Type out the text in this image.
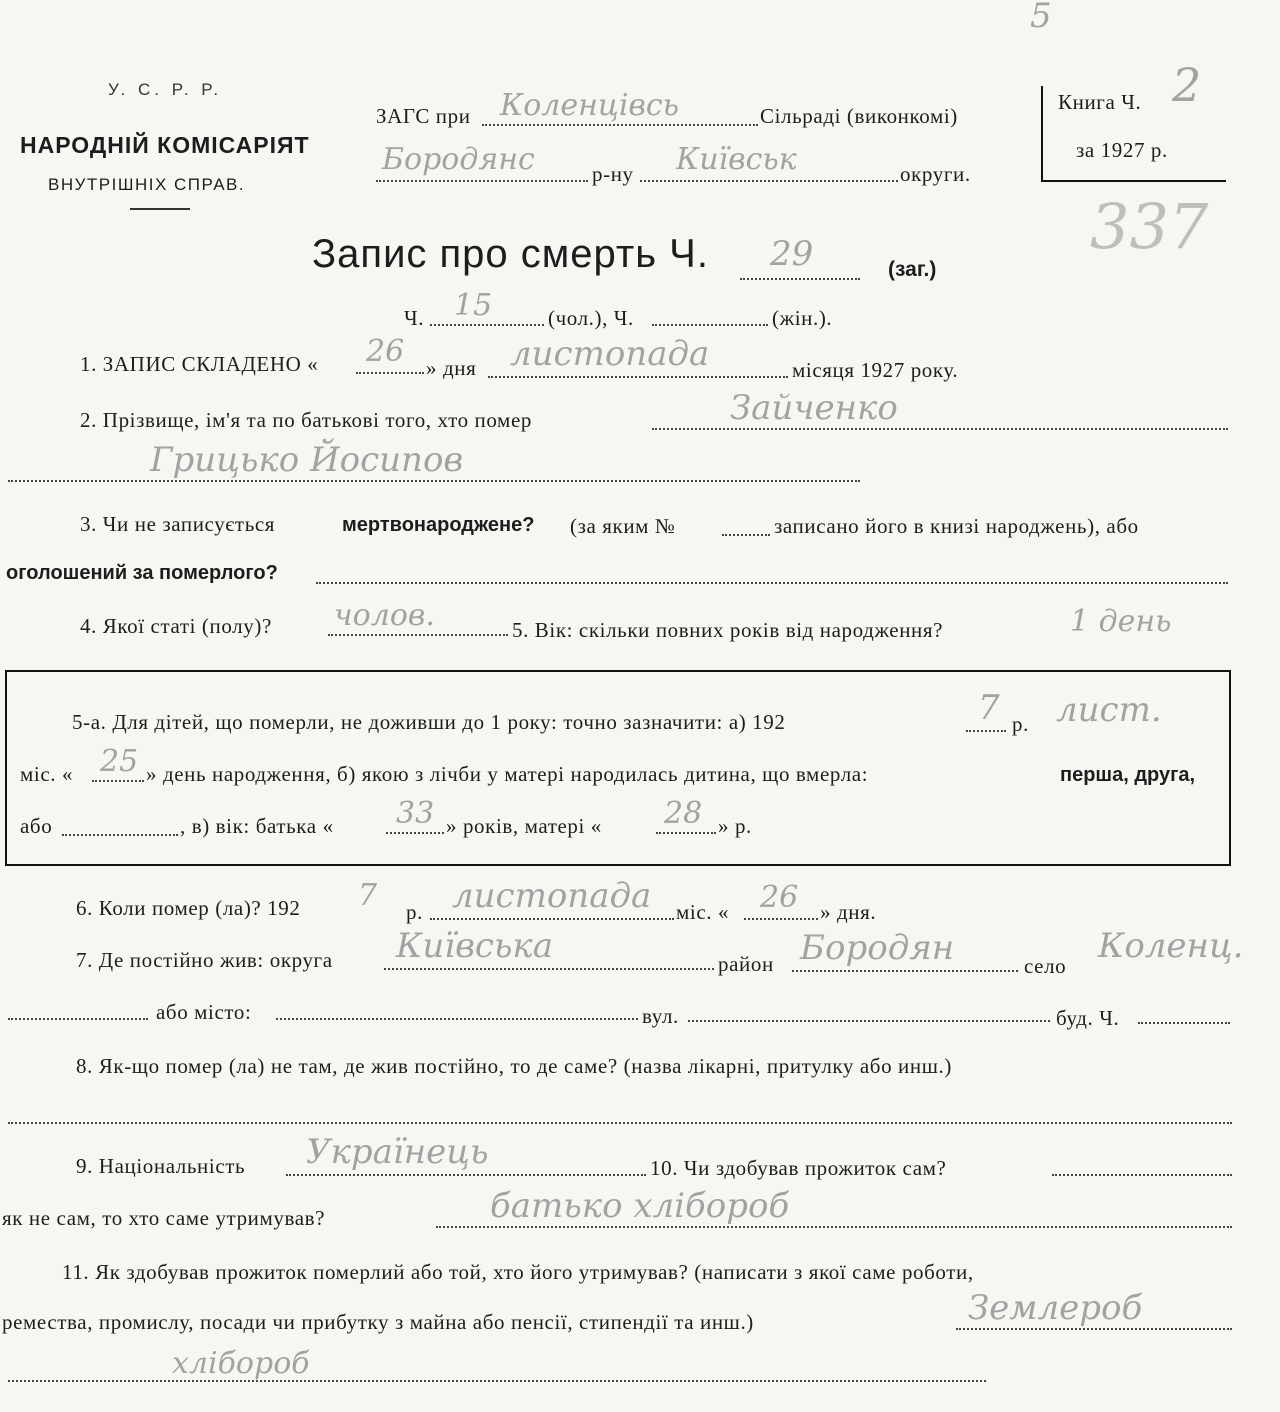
5
337
У. С. Р. Р.
НАРОДНІЙ КОМІСАРІЯТ
ВНУТРІШНІХ СПРАВ.
ЗАГС при Коленцівсь	Сільраді (виконкомі)
Бородянс	р-ну Київськ	округи.
Книга Ч. 2
за 1927 р.
Запис про смерть Ч. 29	(заг.)
Ч. 15	(чол.), Ч.	(жін.).
1. ЗАПИС СКЛАДЕНО « 26 » дня листопада	місяця 1927 року.
2. Прізвище, ім'я та по батькові того, хто помер	Зайченко
Грицько Йосипов
3. Чи не записується	мертвонароджене? (за яким №	записано його в книзі народжень), або
оголошений за померлого?
4. Якої статі (полу)? чолов.	5. Вік: скільки повних років від народження?	1 день
5-а. Для дітей, що померли, не доживши до 1 року: точно зазначити: а) 192	7 р. лист.
міс. « 25 » день народження, б) якою з лічби у матері народилась дитина, що вмерла:	перша, друга,
або	, в) вік: батька « 33 » років, матері « 28 » р.
6. Коли помер (ла)? 192 7 р. листопада міс. « 26 » дня.
7. Де постійно жив: округа Київська	район Бородян	село Коленц.
або місто:	вул.	буд. Ч.
8. Як-що помер (ла) не там, де жив постійно, то де саме? (назва лікарні, притулку або инш.)
9. Національність Українець	10. Чи здобував прожиток сам?
як не сам, то хто саме утримував?	батько хлібороб
11. Як здобував прожиток померлий або той, хто його утримував? (написати з якої саме роботи,
ремества, промислу, посади чи прибутку з майна або пенсії, стипендії та инш.)	Землероб
хлібороб
